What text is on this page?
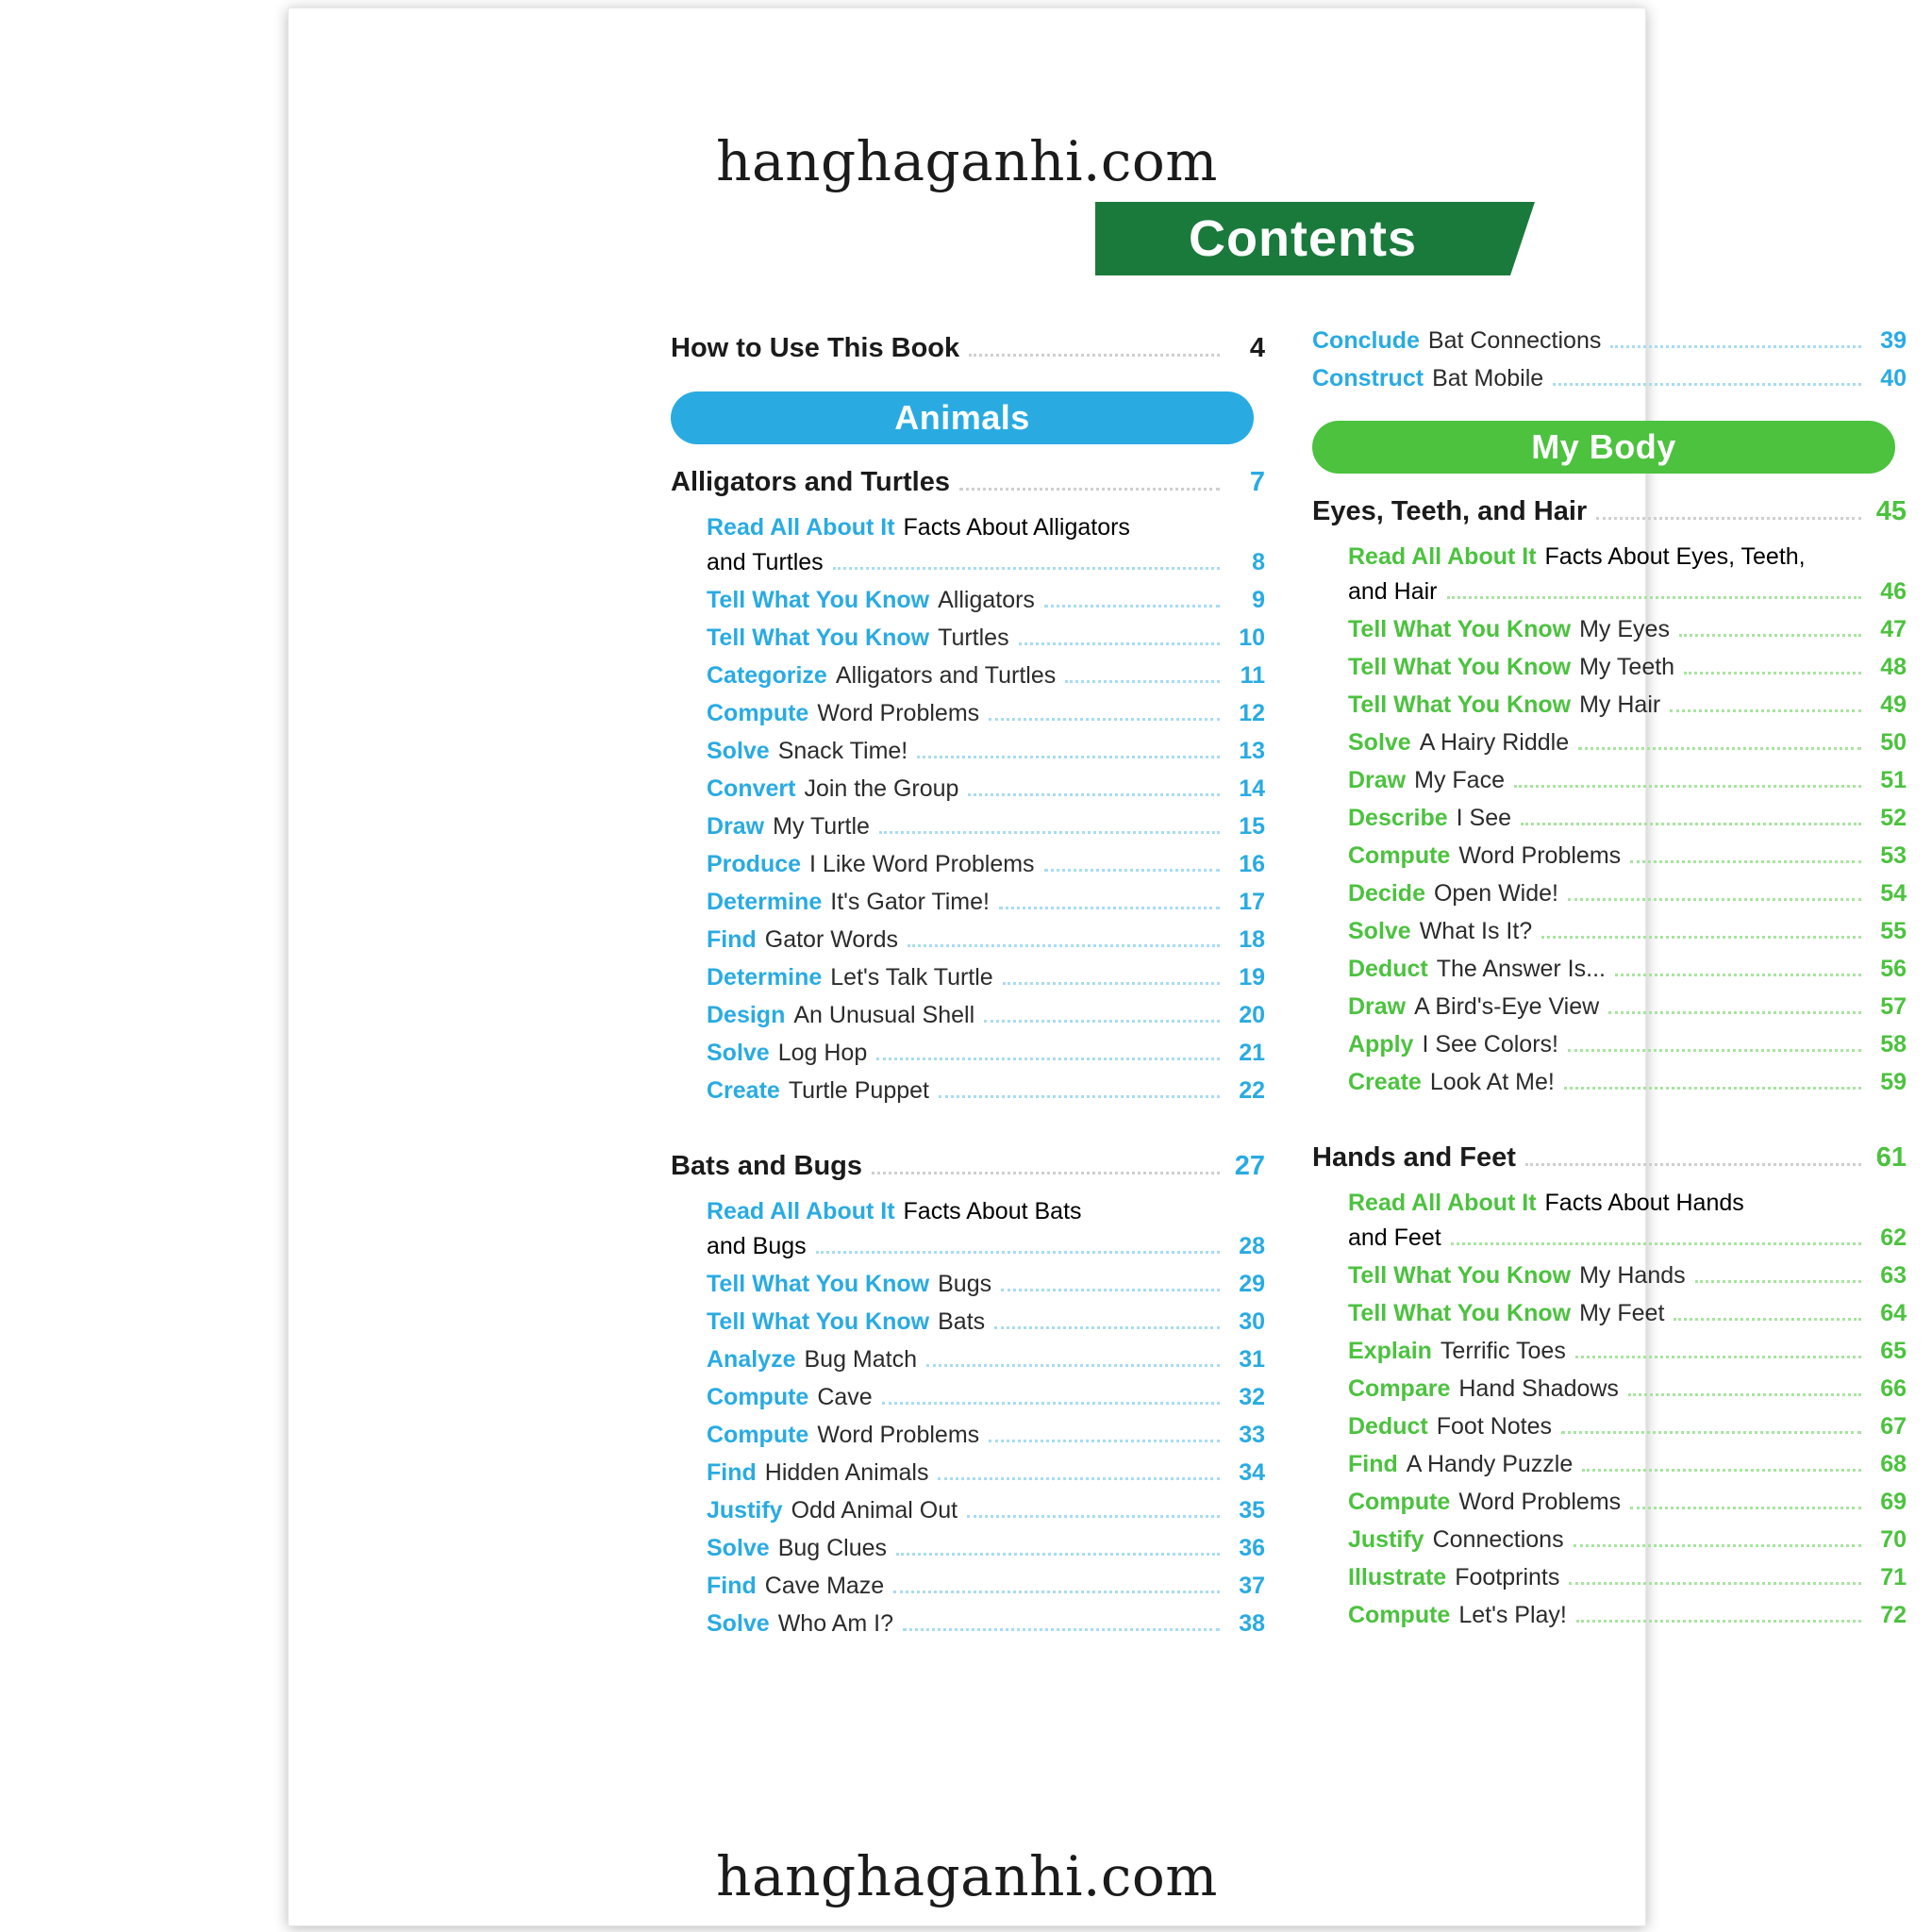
hanghaganhi.com
Contents
How to Use This Book	4
Animals
Alligators and Turtles	7
Read All About It Facts About Alligators
and Turtles	8
Tell What You Know Alligators	9
Tell What You Know Turtles	10
Categorize Alligators and Turtles	11
Compute Word Problems	12
Solve Snack Time!	13
Convert Join the Group	14
Draw My Turtle	15
Produce I Like Word Problems	16
Determine It's Gator Time!	17
Find Gator Words	18
Determine Let's Talk Turtle	19
Design An Unusual Shell	20
Solve Log Hop	21
Create Turtle Puppet	22
Bats and Bugs	27
Read All About It Facts About Bats
and Bugs	28
Tell What You Know Bugs	29
Tell What You Know Bats	30
Analyze Bug Match	31
Compute Cave	32
Compute Word Problems	33
Find Hidden Animals	34
Justify Odd Animal Out	35
Solve Bug Clues	36
Find Cave Maze	37
Solve Who Am I?	38
Conclude Bat Connections	39
Construct Bat Mobile	40
My Body
Eyes, Teeth, and Hair	45
Read All About It Facts About Eyes, Teeth,
and Hair	46
Tell What You Know My Eyes	47
Tell What You Know My Teeth	48
Tell What You Know My Hair	49
Solve A Hairy Riddle	50
Draw My Face	51
Describe I See	52
Compute Word Problems	53
Decide Open Wide!	54
Solve What Is It?	55
Deduct The Answer Is...	56
Draw A Bird's-Eye View	57
Apply I See Colors!	58
Create Look At Me!	59
Hands and Feet	61
Read All About It Facts About Hands
and Feet	62
Tell What You Know My Hands	63
Tell What You Know My Feet	64
Explain Terrific Toes	65
Compare Hand Shadows	66
Deduct Foot Notes	67
Find A Handy Puzzle	68
Compute Word Problems	69
Justify Connections	70
Illustrate Footprints	71
Compute Let's Play!	72
hanghaganhi.com
